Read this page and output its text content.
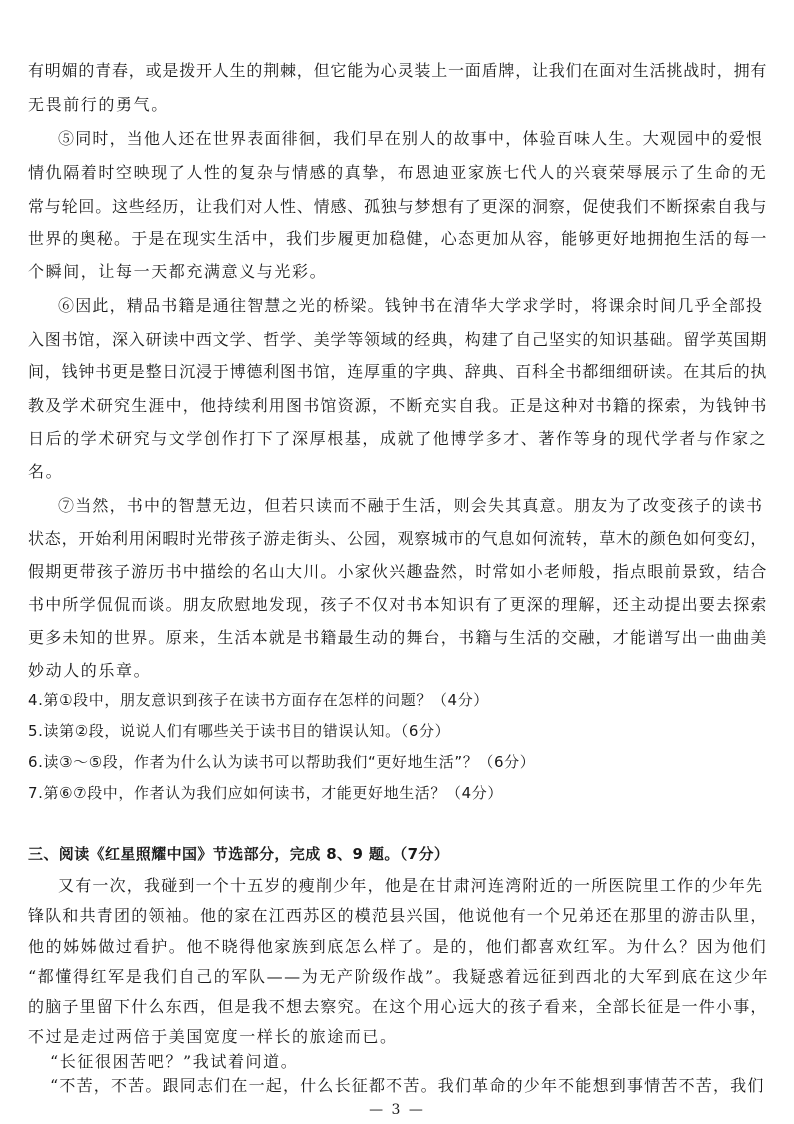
有明媚的青春，或是拨开人生的荆棘，但它能为心灵装上一面盾牌，让我们在面对生活挑战时，拥有
无畏前行的勇气。
⑤同时，当他人还在世界表面徘徊，我们早在别人的故事中，体验百味人生。大观园中的爱恨
情仇隔着时空映现了人性的复杂与情感的真挚，布恩迪亚家族七代人的兴衰荣辱展示了生命的无
常与轮回。这些经历，让我们对人性、情感、孤独与梦想有了更深的洞察，促使我们不断探索自我与
世界的奥秘。于是在现实生活中，我们步履更加稳健，心态更加从容，能够更好地拥抱生活的每一
个瞬间，让每一天都充满意义与光彩。
⑥因此，精品书籍是通往智慧之光的桥梁。钱钟书在清华大学求学时，将课余时间几乎全部投
入图书馆，深入研读中西文学、哲学、美学等领域的经典，构建了自己坚实的知识基础。留学英国期
间，钱钟书更是整日沉浸于博德利图书馆，连厚重的字典、辞典、百科全书都细细研读。在其后的执
教及学术研究生涯中，他持续利用图书馆资源，不断充实自我。正是这种对书籍的探索，为钱钟书
日后的学术研究与文学创作打下了深厚根基，成就了他博学多才、著作等身的现代学者与作家之
名。
⑦当然，书中的智慧无边，但若只读而不融于生活，则会失其真意。朋友为了改变孩子的读书
状态，开始利用闲暇时光带孩子游走街头、公园，观察城市的气息如何流转，草木的颜色如何变幻，
假期更带孩子游历书中描绘的名山大川。小家伙兴趣盎然，时常如小老师般，指点眼前景致，结合
书中所学侃侃而谈。朋友欣慰地发现，孩子不仅对书本知识有了更深的理解，还主动提出要去探索
更多未知的世界。原来，生活本就是书籍最生动的舞台，书籍与生活的交融，才能谱写出一曲曲美
妙动人的乐章。
4.第①段中，朋友意识到孩子在读书方面存在怎样的问题？（4分）
5.读第②段，说说人们有哪些关于读书目的错误认知。（6分）
6.读③～⑤段，作者为什么认为读书可以帮助我们“更好地生活”？（6分）
7.第⑥⑦段中，作者认为我们应如何读书，才能更好地生活？（4分）
三、阅读《红星照耀中国》节选部分，完成 8、9 题。（7分）
又有一次，我碰到一个十五岁的瘦削少年，他是在甘肃河连湾附近的一所医院里工作的少年先
锋队和共青团的领袖。他的家在江西苏区的模范县兴国，他说他有一个兄弟还在那里的游击队里，
他的姊姊做过看护。他不晓得他家族到底怎么样了。是的，他们都喜欢红军。为什么？因为他们
“都懂得红军是我们自己的军队——为无产阶级作战”。我疑惑着远征到西北的大军到底在这少年
的脑子里留下什么东西，但是我不想去察究。在这个用心远大的孩子看来，全部长征是一件小事，
不过是走过两倍于美国宽度一样长的旅途而已。
“长征很困苦吧？”我试着问道。
“不苦，不苦。跟同志们在一起，什么长征都不苦。我们革命的少年不能想到事情苦不苦，我们
— 3 —
